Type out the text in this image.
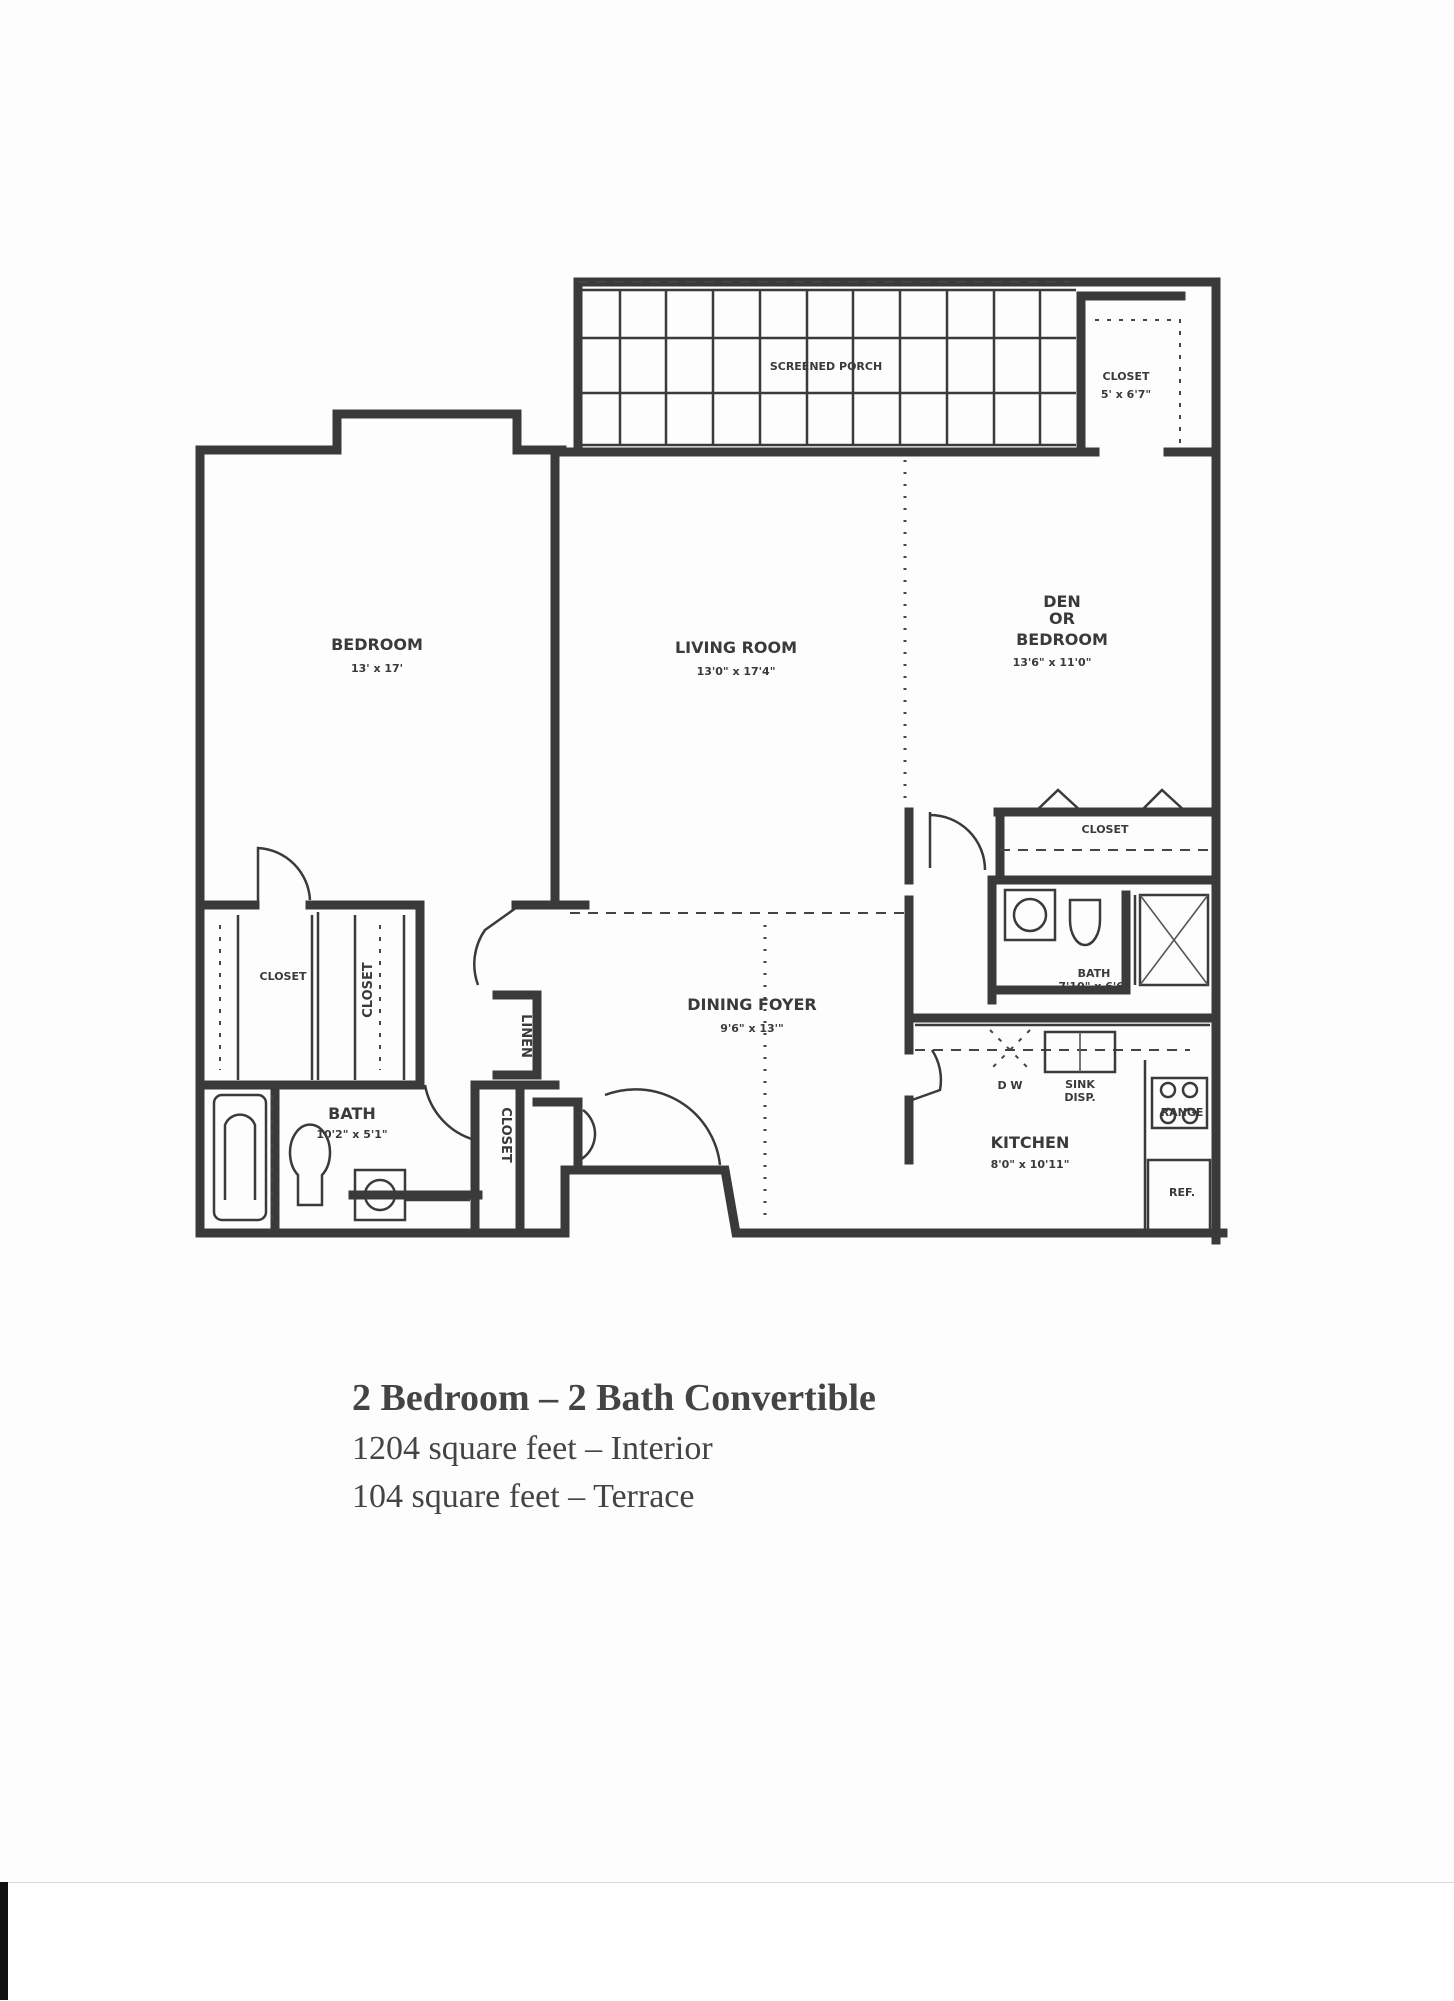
SCREENED PORCH
CLOSET
5' x 6'7"
BEDROOM
13' x 17'
LIVING ROOM
13'0" x 17'4"
DEN
OR
BEDROOM
13'6" x 11'0"
CLOSET
BATH
7'10" x 6'6"
CLOSET	CLOSET
LINEN
DINING FOYER
9'6" x 13'"
BATH
10'2" x 5'1"	CLOSET	KITCHEN
8'0" x 10'11"
D W	SINK
DISP.
RANGE
REF.
2 Bedroom – 2 Bath Convertible
1204 square feet – Interior
104 square feet – Terrace
